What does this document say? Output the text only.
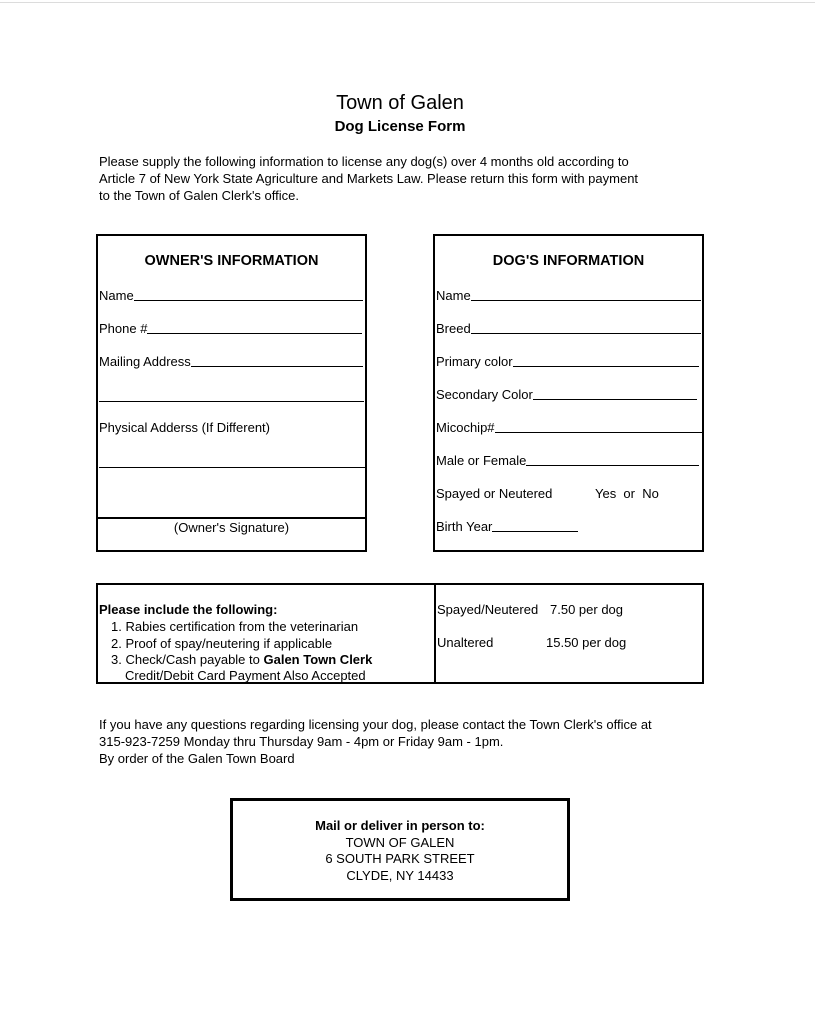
Town of Galen
Dog License Form
Please supply the following information to license any dog(s) over 4 months old according to
Article 7 of New York State Agriculture and Markets Law. Please return this form with payment
to the Town of Galen Clerk's office.
OWNER'S INFORMATION
Name
Phone #
Mailing Address
Physical Adderss (If Different)
(Owner's Signature)
DOG'S INFORMATION
Name
Breed
Primary color
Secondary Color
Micochip#
Male or Female
Spayed or Neutered	Yes  or  No
Birth Year
Please include the following:
1. Rabies certification from the veterinarian
2. Proof of spay/neutering if applicable
3. Check/Cash payable to Galen Town Clerk
Credit/Debit Card Payment Also Accepted
Spayed/Neutered 7.50 per dog
Unaltered	15.50 per dog
If you have any questions regarding licensing your dog, please contact the Town Clerk's office at
315-923-7259 Monday thru Thursday 9am - 4pm or Friday 9am - 1pm.
By order of the Galen Town Board
Mail or deliver in person to:
TOWN OF GALEN
6 SOUTH PARK STREET
CLYDE, NY 14433
